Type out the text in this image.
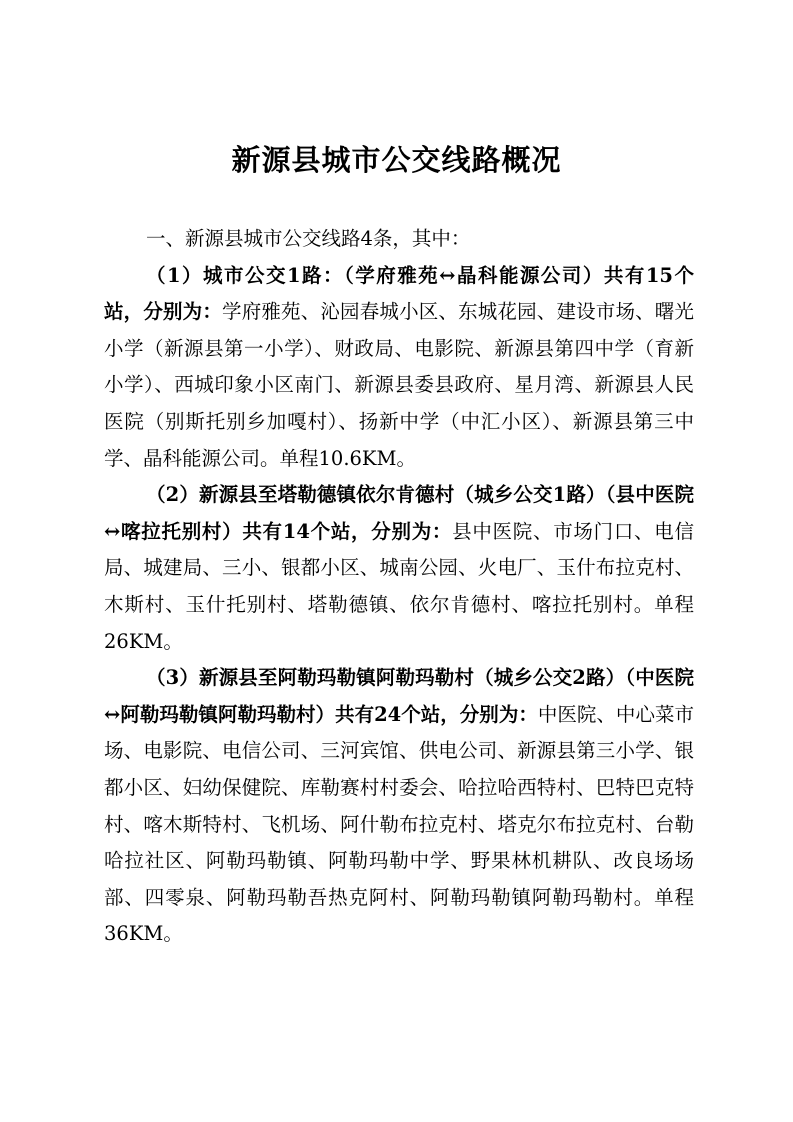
新源县城市公交线路概况

一、新源县城市公交线路4条，其中：

（1）城市公交1路：（学府雅苑↔晶科能源公司）共有15个站，分别为：学府雅苑、沁园春城小区、东城花园、建设市场、曙光小学（新源县第一小学）、财政局、电影院、新源县第四中学（育新小学）、西城印象小区南门、新源县委县政府、星月湾、新源县人民医院（别斯托别乡加嘎村）、扬新中学（中汇小区）、新源县第三中学、晶科能源公司。单程10.6KM。

（2）新源县至塔勒德镇依尔肯德村（城乡公交1路）（县中医院↔喀拉托别村）共有14个站，分别为：县中医院、市场门口、电信局、城建局、三小、银都小区、城南公园、火电厂、玉什布拉克村、木斯村、玉什托别村、塔勒德镇、依尔肯德村、喀拉托别村。单程26KM。

（3）新源县至阿勒玛勒镇阿勒玛勒村（城乡公交2路）（中医院↔阿勒玛勒镇阿勒玛勒村）共有24个站，分别为：中医院、中心菜市场、电影院、电信公司、三河宾馆、供电公司、新源县第三小学、银都小区、妇幼保健院、库勒赛村村委会、哈拉哈西特村、巴特巴克特村、喀木斯特村、飞机场、阿什勒布拉克村、塔克尔布拉克村、台勒哈拉社区、阿勒玛勒镇、阿勒玛勒中学、野果林机耕队、改良场场部、四零泉、阿勒玛勒吾热克阿村、阿勒玛勒镇阿勒玛勒村。单程36KM。
